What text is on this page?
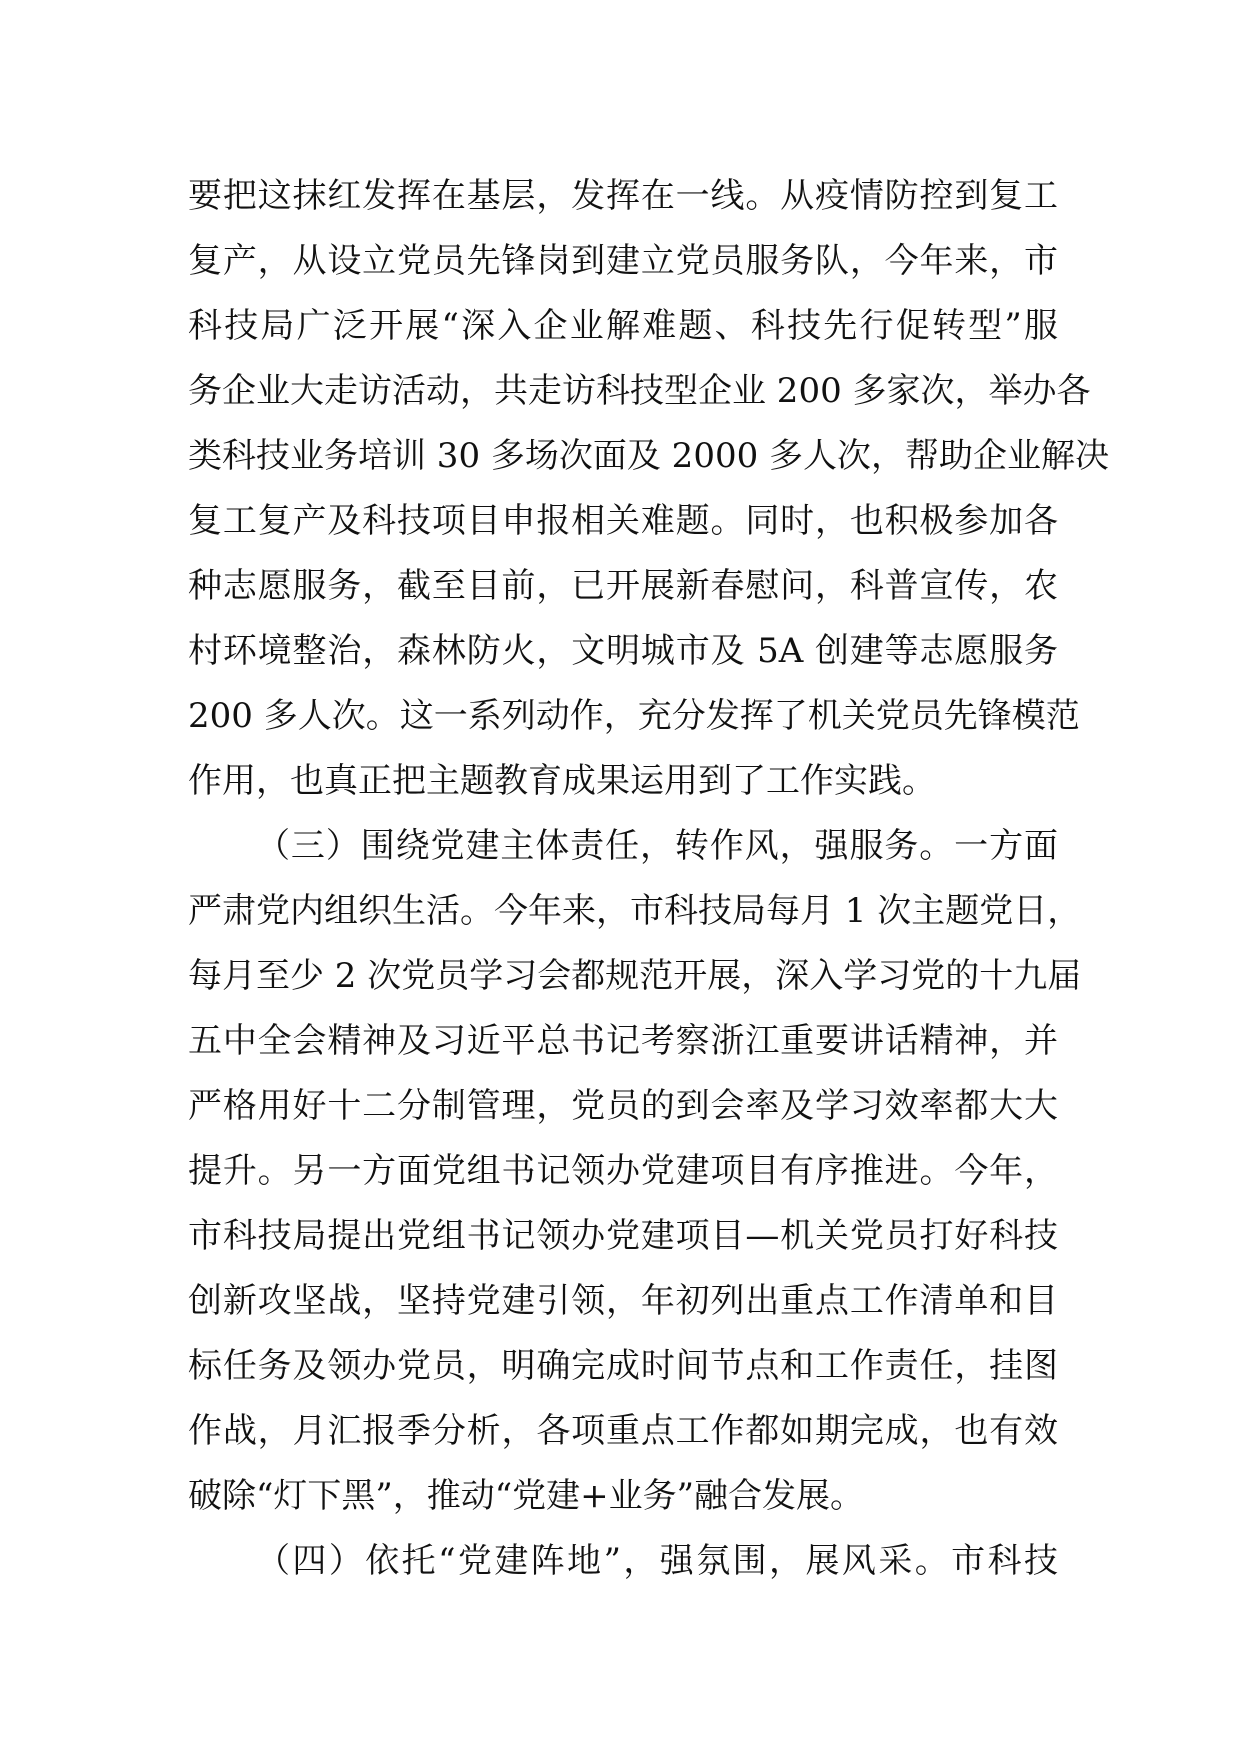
要把这抹红发挥在基层，发挥在一线。从疫情防控到复工
复产，从设立党员先锋岗到建立党员服务队，今年来，市
科技局广泛开展“深入企业解难题、科技先行促转型”服
务企业大走访活动，共走访科技型企业 200 多家次，举办各
类科技业务培训 30 多场次面及 2000 多人次，帮助企业解决
复工复产及科技项目申报相关难题。同时，也积极参加各
种志愿服务，截至目前，已开展新春慰问，科普宣传，农
村环境整治，森林防火，文明城市及 5A 创建等志愿服务
200 多人次。这一系列动作，充分发挥了机关党员先锋模范
作用，也真正把主题教育成果运用到了工作实践。
（三）围绕党建主体责任，转作风，强服务。一方面
严肃党内组织生活。今年来，市科技局每月 1 次主题党日，
每月至少 2 次党员学习会都规范开展，深入学习党的十九届
五中全会精神及习近平总书记考察浙江重要讲话精神，并
严格用好十二分制管理，党员的到会率及学习效率都大大
提升。另一方面党组书记领办党建项目有序推进。今年，
市科技局提出党组书记领办党建项目—机关党员打好科技
创新攻坚战，坚持党建引领，年初列出重点工作清单和目
标任务及领办党员，明确完成时间节点和工作责任，挂图
作战，月汇报季分析，各项重点工作都如期完成，也有效
破除“灯下黑”，推动“党建+业务”融合发展。
（四）依托“党建阵地”，强氛围，展风采。市科技
